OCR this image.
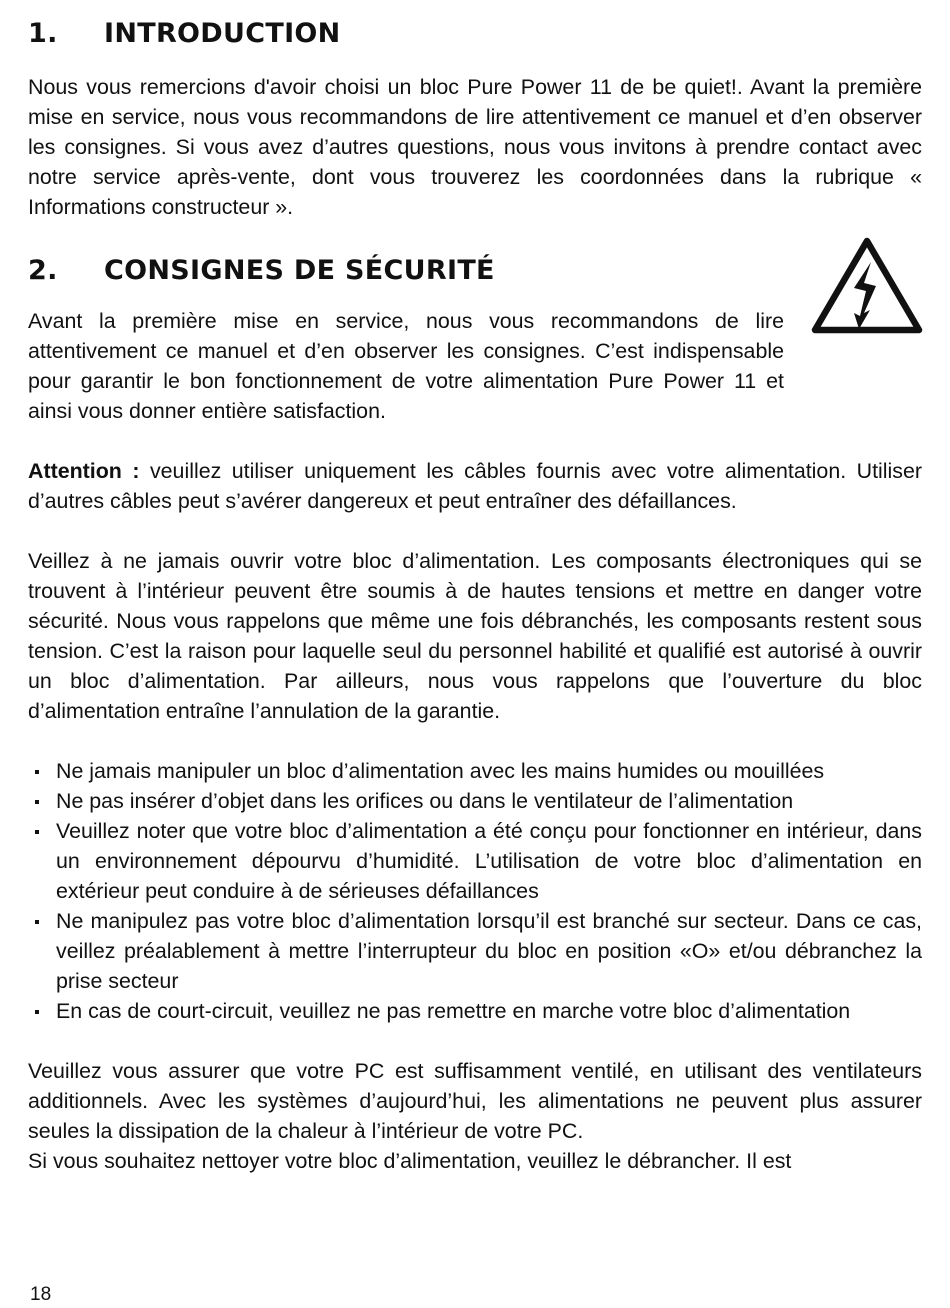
1.	INTRODUCTION

Nous vous remercions d'avoir choisi un bloc Pure Power 11 de be quiet!. Avant la première mise en service, nous vous recommandons de lire attentivement ce manuel et d’en observer les consignes. Si vous avez d’autres questions, nous vous invitons à prendre contact avec notre service après-vente, dont vous trouverez les coordonnées dans la rubrique « Informations constructeur ».

2.	CONSIGNES DE SÉCURITÉ

Avant la première mise en service, nous vous recommandons de lire attentivement ce manuel et d’en observer les consignes. C’est indispensable pour garantir le bon fonctionnement de votre alimentation Pure Power 11 et ainsi vous donner entière satisfaction.

Attention : veuillez utiliser uniquement les câbles fournis avec votre alimentation. Utiliser d’autres câbles peut s’avérer dangereux et peut entraîner des défaillances.

Veillez à ne jamais ouvrir votre bloc d’alimentation. Les composants électroniques qui se trouvent à l’intérieur peuvent être soumis à de hautes tensions et mettre en danger votre sécurité. Nous vous rappelons que même une fois débranchés, les composants restent sous tension. C’est la raison pour laquelle seul du personnel habilité et qualifié est autorisé à ouvrir un bloc d’alimentation. Par ailleurs, nous vous rappelons que l’ouverture du bloc d’alimentation entraîne l’annulation de la garantie.

Ne jamais manipuler un bloc d’alimentation avec les mains humides ou mouillées
Ne pas insérer d’objet dans les orifices ou dans le ventilateur de l’alimentation
Veuillez noter que votre bloc d’alimentation a été conçu pour fonctionner en intérieur, dans un environnement dépourvu d’humidité. L’utilisation de votre bloc d’alimentation en extérieur peut conduire à de sérieuses défaillances
Ne manipulez pas votre bloc d’alimentation lorsqu’il est branché sur secteur. Dans ce cas, veillez préalablement à mettre l’interrupteur du bloc en position «O» et/ou débranchez la prise secteur
En cas de court-circuit, veuillez ne pas remettre en marche votre bloc d’alimentation

Veuillez vous assurer que votre PC est suffisamment ventilé, en utilisant des ventilateurs additionnels. Avec les systèmes d’aujourd’hui, les alimentations ne peuvent plus assurer seules la dissipation de la chaleur à l’intérieur de votre PC.

Si vous souhaitez nettoyer votre bloc d’alimentation, veuillez le débrancher. Il est

18
